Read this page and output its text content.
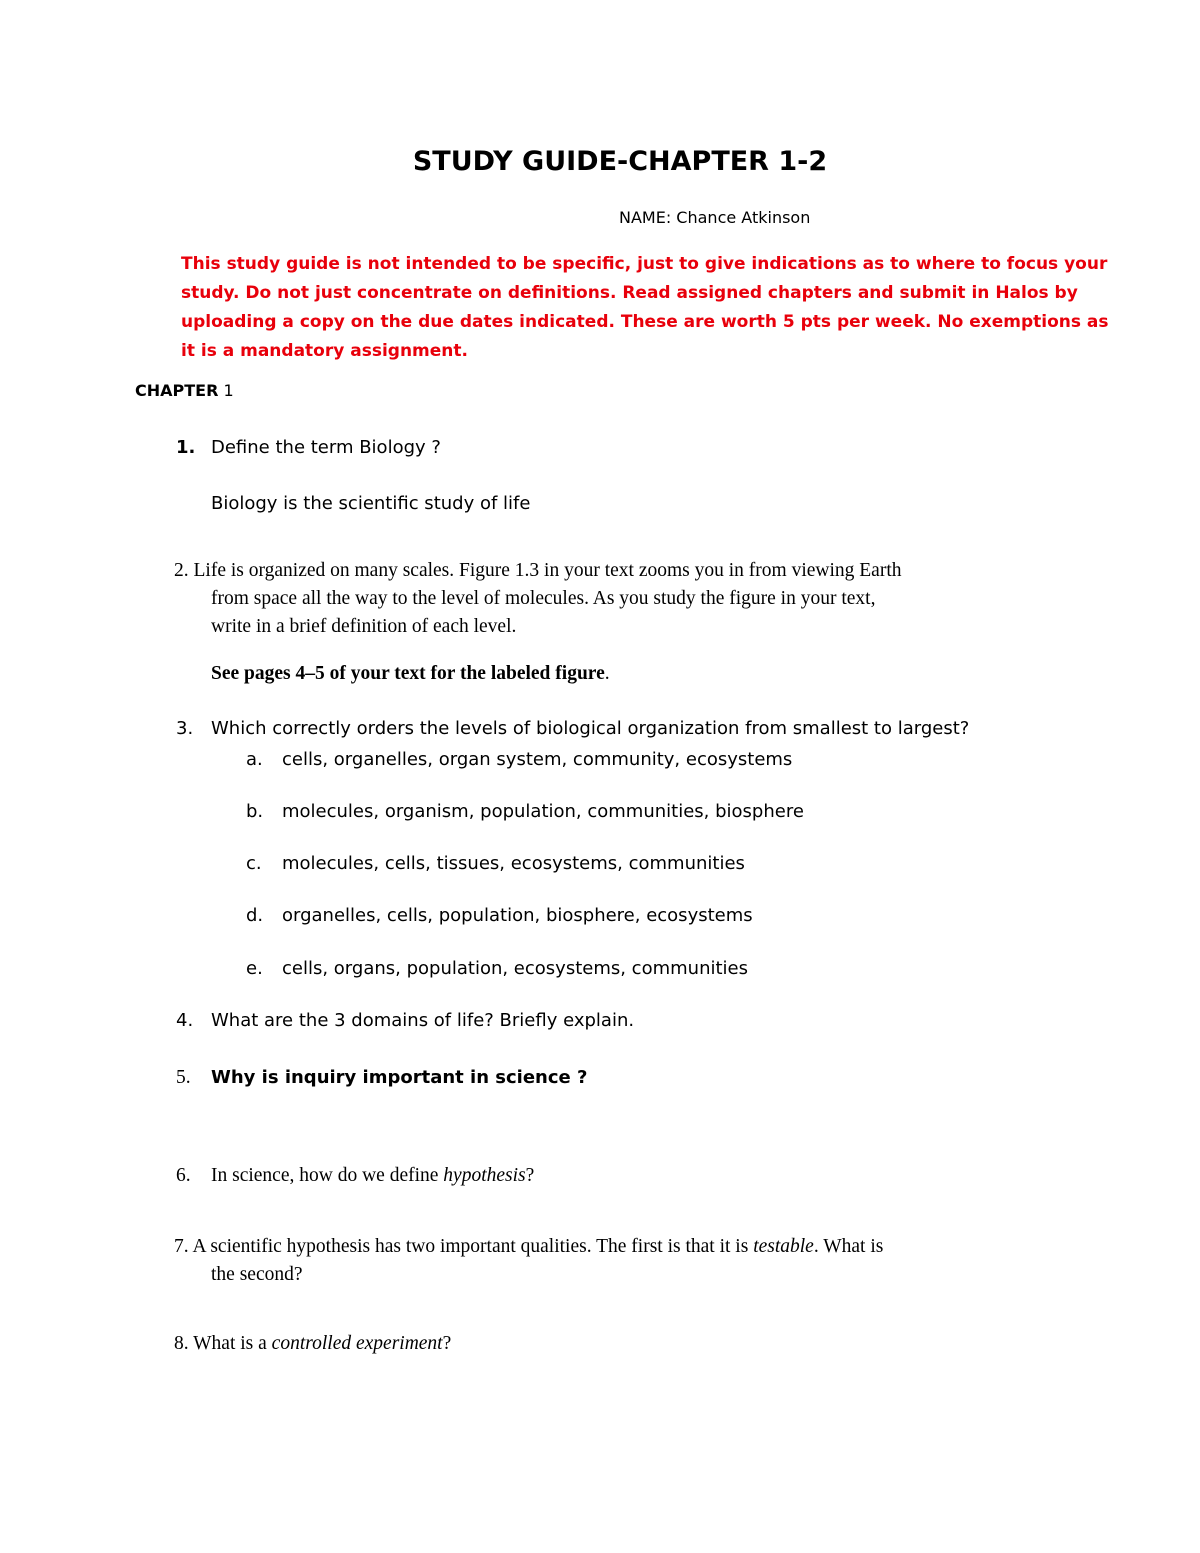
STUDY GUIDE-CHAPTER 1-2
NAME: Chance Atkinson
This study guide is not intended to be specific, just to give indications as to where to focus your
study. Do not just concentrate on definitions. Read assigned chapters and submit in Halos by
uploading a copy on the due dates indicated. These are worth 5 pts per week. No exemptions as
it is a mandatory assignment.
CHAPTER 1
1. Define the term Biology ?
Biology is the scientific study of life
2. Life is organized on many scales. Figure 1.3 in your text zooms you in from viewing Earth
from space all the way to the level of molecules. As you study the figure in your text,
write in a brief definition of each level.
See pages 4–5 of your text for the labeled figure.
3. Which correctly orders the levels of biological organization from smallest to largest?
a. cells, organelles, organ system, community, ecosystems
b. molecules, organism, population, communities, biosphere
c. molecules, cells, tissues, ecosystems, communities
d. organelles, cells, population, biosphere, ecosystems
e. cells, organs, population, ecosystems, communities
4. What are the 3 domains of life? Briefly explain.
5. Why is inquiry important in science ?
6. In science, how do we define hypothesis?
7. A scientific hypothesis has two important qualities. The first is that it is testable. What is
the second?
8. What is a controlled experiment?
